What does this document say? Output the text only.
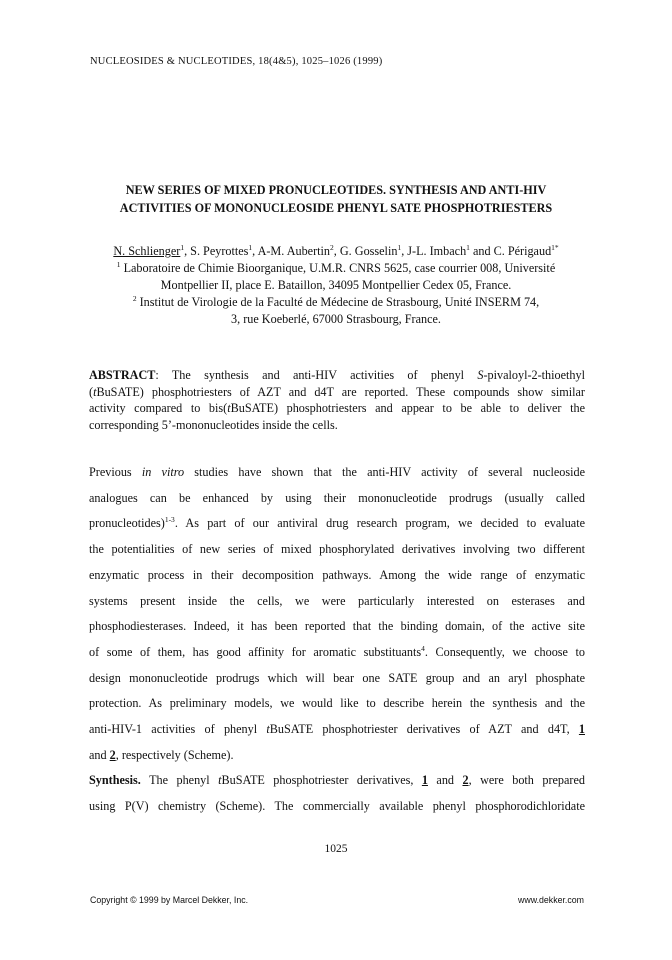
NUCLEOSIDES & NUCLEOTIDES, 18(4&5), 1025–1026 (1999)
NEW SERIES OF MIXED PRONUCLEOTIDES. SYNTHESIS AND ANTI-HIV
ACTIVITIES OF MONONUCLEOSIDE PHENYL SATE PHOSPHOTRIESTERS
N. Schlienger$^1$, S. Peyrottes$^1$, A-M. Aubertin$^2$, G. Gosselin$^1$, J-L. Imbach$^1$ and C. Périgaud$^{1*}$
$^1$ Laboratoire de Chimie Bioorganique, U.M.R. CNRS 5625, case courrier 008, Université
Montpellier II, place E. Bataillon, 34095 Montpellier Cedex 05, France.
$^2$ Institut de Virologie de la Faculté de Médecine de Strasbourg, Unité INSERM 74,
3, rue Koeberlé, 67000 Strasbourg, France.
ABSTRACT: The synthesis and anti-HIV activities of phenyl S-pivaloyl-2-thioethyl
(tBuSATE) phosphotriesters of AZT and d4T are reported. These compounds show similar
activity compared to bis(tBuSATE) phosphotriesters and appear to be able to deliver the
corresponding 5’-mononucleotides inside the cells.
Previous in vitro studies have shown that the anti-HIV activity of several nucleoside
analogues can be enhanced by using their mononucleotide prodrugs (usually called
pronucleotides)$^{1-3}$. As part of our antiviral drug research program, we decided to evaluate
the potentialities of new series of mixed phosphorylated derivatives involving two different
enzymatic process in their decomposition pathways. Among the wide range of enzymatic
systems present inside the cells, we were particularly interested on esterases and
phosphodiesterases. Indeed, it has been reported that the binding domain, of the active site
of some of them, has good affinity for aromatic substituants$^4$. Consequently, we choose to
design mononucleotide prodrugs which will bear one SATE group and an aryl phosphate
protection. As preliminary models, we would like to describe herein the synthesis and the
anti-HIV-1 activities of phenyl tBuSATE phosphotriester derivatives of AZT and d4T, 1
and 2, respectively (Scheme).
Synthesis. The phenyl tBuSATE phosphotriester derivatives, 1 and 2, were both prepared
using P(V) chemistry (Scheme). The commercially available phenyl phosphorodichloridate
1025
Copyright © 1999 by Marcel Dekker, Inc.	www.dekker.com
